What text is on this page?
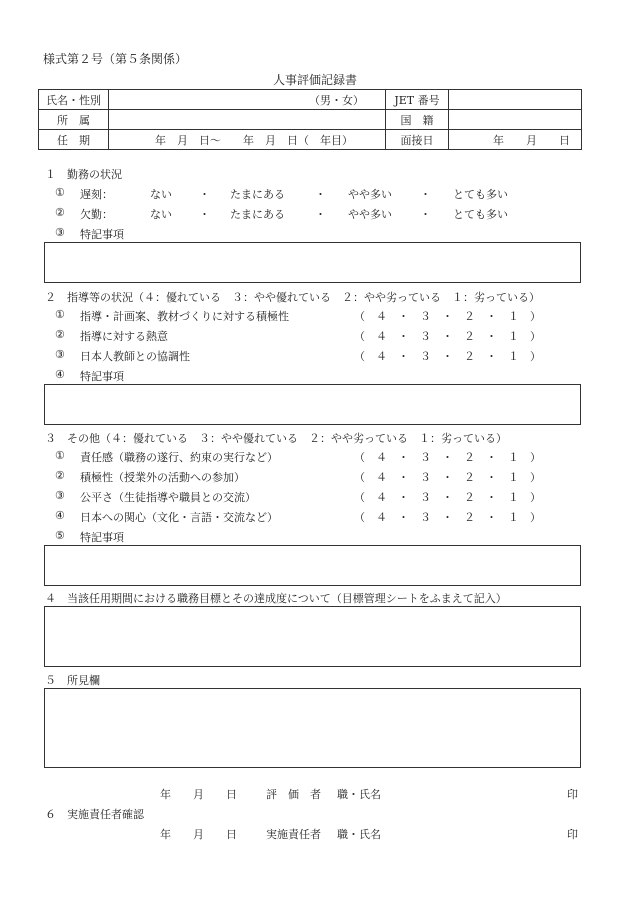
様式第２号（第５条関係）
人事評価記録書
氏名・性別	（男・女）	JET 番号	
所　属		国　籍	
任　期	年　月　日〜　　年　月　日（　年目）	面接日	年　　月　　日
１　勤務の状況
① 遅刻：	ない ・ たまにある	・ やや多い	・ とても多い
② 欠勤：	ない ・ たまにある	・ やや多い	・ とても多い
③ 特記事項
２　指導等の状況（４：優れている　３：やや優れている　２：やや劣っている　１：劣っている）
① 指導・計画案、教材づくりに対する積極性	（　４　・　３　・　２　・　１　）
② 指導に対する熱意	（　４　・　３　・　２　・　１　）
③ 日本人教師との協調性	（　４　・　３　・　２　・　１　）
④ 特記事項
３　その他（４：優れている　３：やや優れている　２：やや劣っている　１：劣っている）
① 責任感（職務の遂行、約束の実行など）	（　４　・　３　・　２　・　１　）
② 積極性（授業外の活動への参加）	（　４　・　３　・　２　・　１　）
③ 公平さ（生徒指導や職員との交流）	（　４　・　３　・　２　・　１　）
④ 日本への関心（文化・言語・交流など）	（　４　・　３　・　２　・　１　）
⑤ 特記事項
４　当該任用期間における職務目標とその達成度について（目標管理シートをふまえて記入）
５　所見欄
年　　月　　日	評　価　者 職・氏名	印
６　実施責任者確認
年　　月　　日	実施責任者 職・氏名	印
